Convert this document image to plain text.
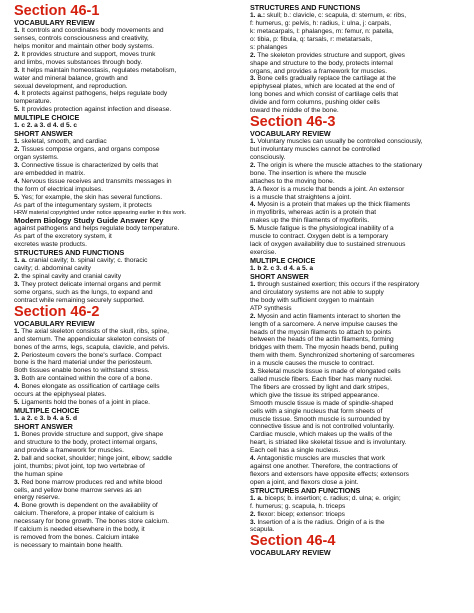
Section 46-1

VOCABULARY REVIEW

1. It controls and coordinates body movements and

senses, controls consciousness and creativity,

helps monitor and maintain other body systems.

2. It provides structure and support, moves trunk

and limbs, moves substances through body.

3. It helps maintain homeostasis, regulates metabolism,

water and mineral balance, growth and

sexual development, and reproduction.

4. It protects against pathogens, helps regulate body

temperature.

5. It provides protection against infection and disease.

MULTIPLE CHOICE

1. c 2. a 3. d 4. d 5. c

SHORT ANSWER

1. skeletal, smooth, and cardiac

2. Tissues compose organs, and organs compose

organ systems.

3. Connective tissue is characterized by cells that

are embedded in matrix.

4. Nervous tissue receives and transmits messages in

the form of electrical impulses.

5. Yes; for example, the skin has several functions.

As part of the integumentary system, it protects

HRW material copyrighted under notice appearing earlier in this work.

Modern Biology Study Guide Answer Key

against pathogens and helps regulate body temperature.

As part of the excretory system, it

excretes waste products.

STRUCTURES AND FUNCTIONS

1. a. cranial cavity; b. spinal cavity; c. thoracic

cavity; d. abdominal cavity

2. the spinal cavity and cranial cavity

3. They protect delicate internal organs and permit

some organs, such as the lungs, to expand and

contract while remaining securely supported.

Section 46-2

VOCABULARY REVIEW

1. The axial skeleton consists of the skull, ribs, spine,

and sternum. The appendicular skeleton consists of

bones of the arms, legs, scapula, clavicle, and pelvis.

2. Periosteum covers the bone's surface. Compact

bone is the hard material under the periosteum.

Both tissues enable bones to withstand stress.

3. Both are contained within the core of a bone.

4. Bones elongate as ossification of cartilage cells

occurs at the epiphyseal plates.

5. Ligaments hold the bones of a joint in place.

MULTIPLE CHOICE

1. a 2. c 3. b 4. a 5. d

SHORT ANSWER

1. Bones provide structure and support, give shape

and structure to the body, protect internal organs,

and provide a framework for muscles.

2. ball and socket, shoulder; hinge joint, elbow; saddle

joint, thumbs; pivot joint, top two vertebrae of

the human spine

3. Red bone marrow produces red and white blood

cells, and yellow bone marrow serves as an

energy reserve.

4. Bone growth is dependent on the availability of

calcium. Therefore, a proper intake of calcium is

necessary for bone growth. The bones store calcium.

If calcium is needed elsewhere in the body, it

is removed from the bones. Calcium intake

is necessary to maintain bone health.

STRUCTURES AND FUNCTIONS

1. a.: skull; b.: clavicle, c: scapula, d: sternum, e: ribs,

f: humerus, g: pelvis, h: radius, i: ulna, j: carpals,

k: metacarpals, l: phalanges, m: femur, n: patella,

o: tibia, p: fibula, q: tarsals, r: metatarsals,

s: phalanges

2. The skeleton provides structure and support, gives

shape and structure to the body, protects internal

organs, and provides a framework for muscles.

3. Bone cells gradually replace the cartilage at the

epiphyseal plates, which are located at the end of

long bones and which consist of cartilage cells that

divide and form columns, pushing older cells

toward the middle of the bone.

Section 46-3

VOCABULARY REVIEW

1. Voluntary muscles can usually be controlled consciously,

but involuntary muscles cannot be controlled

consciously.

2. The origin is where the muscle attaches to the stationary

bone. The insertion is where the muscle

attaches to the moving bone.

3. A flexor is a muscle that bends a joint. An extensor

is a muscle that straightens a joint.

4. Myosin is a protein that makes up the thick filaments

in myofibrils, whereas actin is a protein that

makes up the thin filaments of myofibrils.

5. Muscle fatigue is the physiological inability of a

muscle to contract. Oxygen debt is a temporary

lack of oxygen availability due to sustained strenuous

exercise.

MULTIPLE CHOICE

1. b 2. c 3. d 4. a 5. a

SHORT ANSWER

1. through sustained exertion; this occurs if the respiratory

and circulatory systems are not able to supply

the body with sufficient oxygen to maintain

ATP synthesis

2. Myosin and actin filaments interact to shorten the

length of a sarcomere. A nerve impulse causes the

heads of the myosin filaments to attach to points

between the heads of the actin filaments, forming

bridges with them. The myosin heads bend, pulling

them with them. Synchronized shortening of sarcomeres

in a muscle causes the muscle to contract.

3. Skeletal muscle tissue is made of elongated cells

called muscle fibers. Each fiber has many nuclei.

The fibers are crossed by light and dark stripes,

which give the tissue its striped appearance.

Smooth muscle tissue is made of spindle-shaped

cells with a single nucleus that form sheets of

muscle tissue. Smooth muscle is surrounded by

connective tissue and is not controlled voluntarily.

Cardiac muscle, which makes up the walls of the

heart, is striated like skeletal tissue and is involuntary.

Each cell has a single nucleus.

4. Antagonistic muscles are muscles that work

against one another. Therefore, the contractions of

flexors and extensors have opposite effects; extensors

open a joint, and flexors close a joint.

STRUCTURES AND FUNCTIONS

1. a. biceps; b. insertion; c. radius; d. ulna; e. origin;

f. humerus; g. scapula, h. triceps

2. flexor: bicep; extensor: triceps

3. Insertion of a is the radius. Origin of a is the

scapula.

Section 46-4

VOCABULARY REVIEW
